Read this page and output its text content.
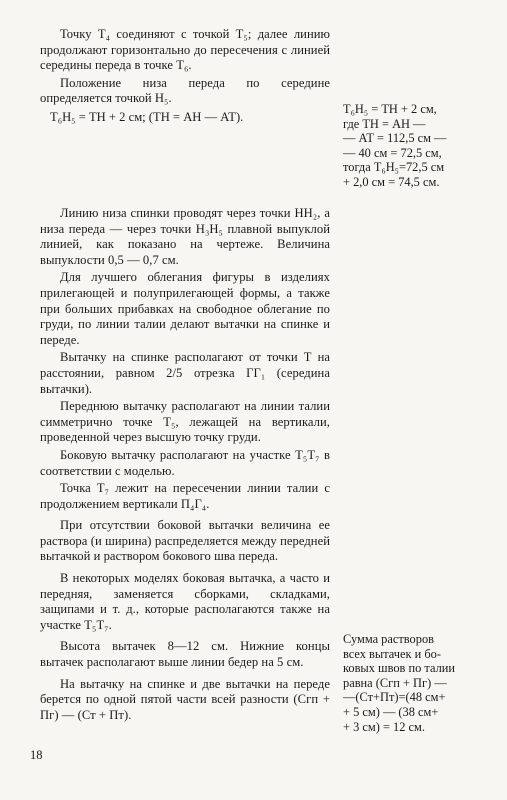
Точку Т₄ соединяют с точкой Т₅; далее линию продолжают горизонтально до пересечения с линией середины переда в точке Т₆.

Положение низа переда по середине определяется точкой Н₅.

Т₆Н₅ = ТН + 2 см; (ТН = АН — АТ).
Т₆Н₅ = ТН + 2 см,
где ТН = АН —
— АТ = 112,5 см —
— 40 см = 72,5 см,
тогда Т₆Н₅=72,5 см
+ 2,0 см = 74,5 см.

Линию низа спинки проводят через точки НН₂, а низа переда — через точки Н₃Н₅ плавной выпуклой линией, как показано на чертеже. Величина выпуклости 0,5 — 0,7 см.

Для лучшего облегания фигуры в изделиях прилегающей и полуприлегающей формы, а также при больших прибавках на свободное облегание по груди, по линии талии делают вытачки на спинке и переде.

Вытачку на спинке располагают от точки Т на расстоянии, равном 2/5 отрезка ГГ₁ (середина вытачки).

Переднюю вытачку располагают на линии талии симметрично точке Т₅, лежащей на вертикали, проведенной через высшую точку груди.

Боковую вытачку располагают на участке Т₅Т₇ в соответствии с моделью.

Точка Т₇ лежит на пересечении линии талии с продолжением вертикали П₄Г₄.

При отсутствии боковой вытачки величина ее раствора (и ширина) распределяется между передней вытачкой и раствором бокового шва переда.

В некоторых моделях боковая вытачка, а часто и передняя, заменяется сборками, складками, защипами и т. д., которые располагаются также на участке Т₅Т₇.

Высота вытачек 8—12 см. Нижние концы вытачек располагают выше линии бедер на 5 см.

На вытачку на спинке и две вытачки на переде берется по одной пятой части всей разности (Сгп + Пг) — (Ст + Пт).

Сумма растворов
всех вытачек и бо-
ковых швов по талии
равна (Сгп + Пг) —
—(Ст+Пт)=(48 см+
+ 5 см) — (38 см+
+ 3 см) = 12 см.
18
